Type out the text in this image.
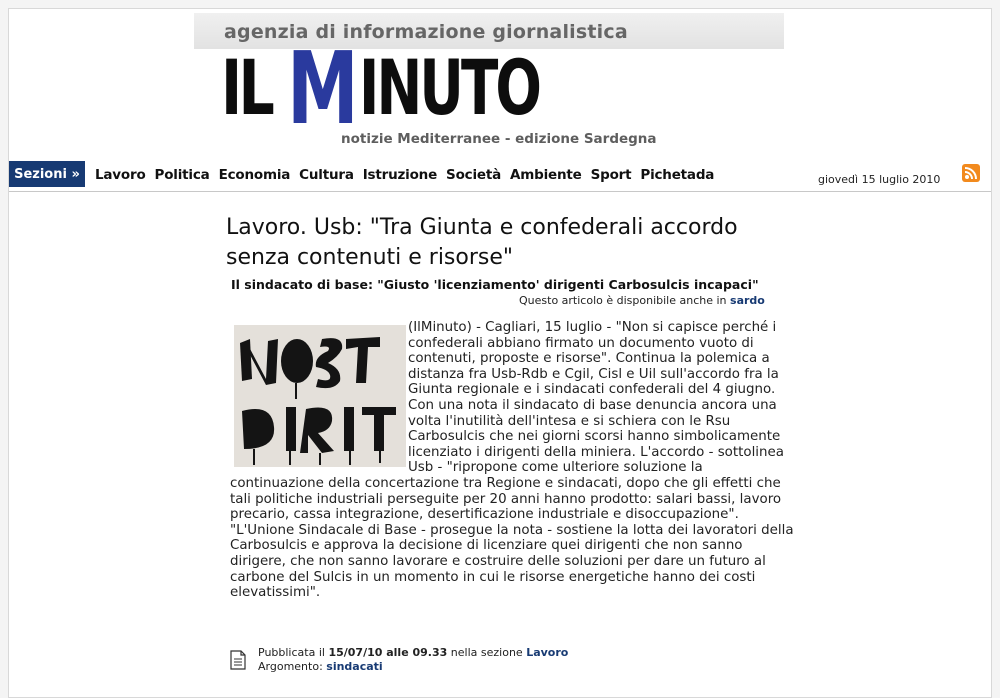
agenzia di informazione giornalistica
IL M INUTO
notizie Mediterranee - edizione Sardegna
Sezioni »	Lavoro Politica Economia Cultura Istruzione Società Ambiente Sport Pichetada	giovedì 15 luglio 2010
Lavoro. Usb: "Tra Giunta e confederali accordo senza contenuti e risorse"
Il sindacato di base: "Giusto 'licenziamento' dirigenti Carbosulcis incapaci"
Questo articolo è disponibile anche in sardo

(IlMinuto) - Cagliari, 15 luglio - "Non si capisce perché i confederali abbiano firmato un documento vuoto di contenuti, proposte e risorse". Continua la polemica a distanza fra Usb-Rdb e Cgil, Cisl e Uil sull'accordo fra la Giunta regionale e i sindacati confederali del 4 giugno. Con una nota il sindacato di base denuncia ancora una volta l'inutilità dell'intesa e si schiera con le Rsu Carbosulcis che nei giorni scorsi hanno simbolicamente licenziato i dirigenti della miniera. L'accordo - sottolinea Usb - "ripropone come ulteriore soluzione la continuazione della concertazione tra Regione e sindacati, dopo che gli effetti che tali politiche industriali perseguite per 20 anni hanno prodotto: salari bassi, lavoro precario, cassa integrazione, desertificazione industriale e disoccupazione".

"L'Unione Sindacale di Base - prosegue la nota - sostiene la lotta dei lavoratori della Carbosulcis e approva la decisione di licenziare quei dirigenti che non sanno dirigere, che non sanno lavorare e costruire delle soluzioni per dare un futuro al carbone del Sulcis in un momento in cui le risorse energetiche hanno dei costi elevatissimi".

Pubblicata il 15/07/10 alle 09.33 nella sezione Lavoro
Argomento: sindacati
